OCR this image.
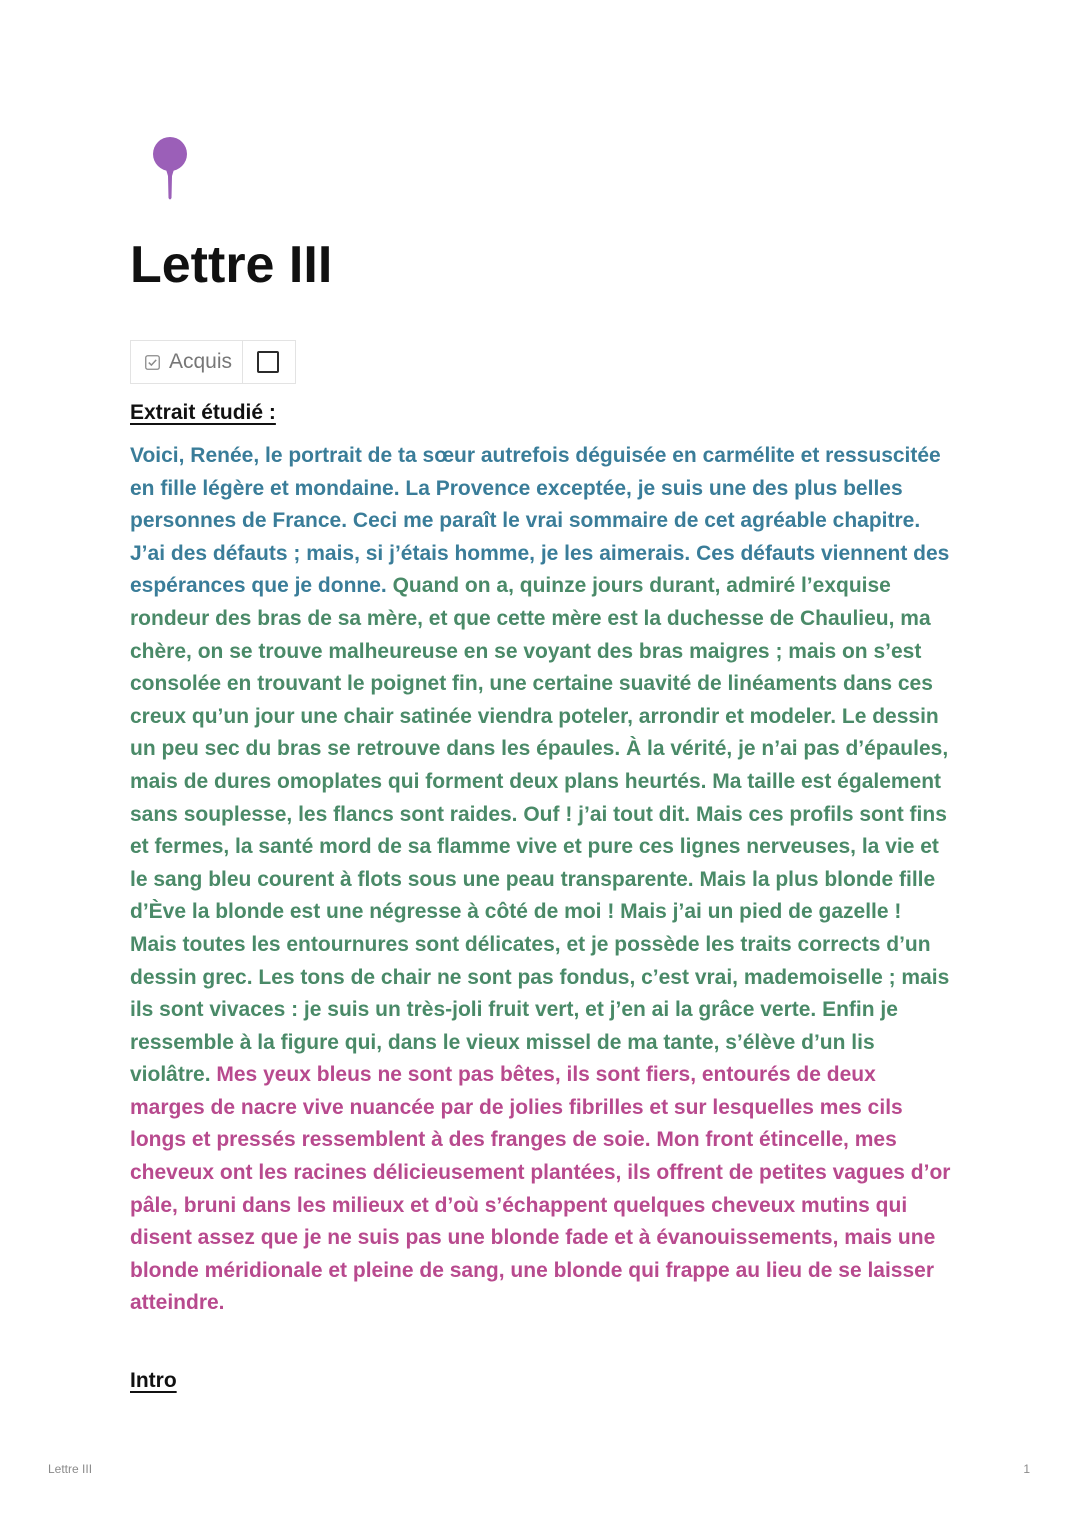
Lettre III
Acquis
Extrait étudié :

Voici, Renée, le portrait de ta sœur autrefois déguisée en carmélite et ressuscitée en fille légère et mondaine. La Provence exceptée, je suis une des plus belles personnes de France. Ceci me paraît le vrai sommaire de cet agréable chapitre. J’ai des défauts ; mais, si j’étais homme, je les aimerais. Ces défauts viennent des espérances que je donne. Quand on a, quinze jours durant, admiré l’exquise rondeur des bras de sa mère, et que cette mère est la duchesse de Chaulieu, ma chère, on se trouve malheureuse en se voyant des bras maigres ; mais on s’est consolée en trouvant le poignet fin, une certaine suavité de linéaments dans ces creux qu’un jour une chair satinée viendra poteler, arrondir et modeler. Le dessin un peu sec du bras se retrouve dans les épaules. À la vérité, je n’ai pas d’épaules, mais de dures omoplates qui forment deux plans heurtés. Ma taille est également sans souplesse, les flancs sont raides. Ouf ! j’ai tout dit. Mais ces profils sont fins et fermes, la santé mord de sa flamme vive et pure ces lignes nerveuses, la vie et le sang bleu courent à flots sous une peau transparente. Mais la plus blonde fille d’Ève la blonde est une négresse à côté de moi ! Mais j’ai un pied de gazelle ! Mais toutes les entournures sont délicates, et je possède les traits corrects d’un dessin grec. Les tons de chair ne sont pas fondus, c’est vrai, mademoiselle ; mais ils sont vivaces : je suis un très-joli fruit vert, et j’en ai la grâce verte. Enfin je ressemble à la figure qui, dans le vieux missel de ma tante, s’élève d’un lis violâtre. Mes yeux bleus ne sont pas bêtes, ils sont fiers, entourés de deux marges de nacre vive nuancée par de jolies fibrilles et sur lesquelles mes cils longs et pressés ressemblent à des franges de soie. Mon front étincelle, mes cheveux ont les racines délicieusement plantées, ils offrent de petites vagues d’or pâle, bruni dans les milieux et d’où s’échappent quelques cheveux mutins qui disent assez que je ne suis pas une blonde fade et à évanouissements, mais une blonde méridionale et pleine de sang, une blonde qui frappe au lieu de se laisser atteindre.

Intro
Lettre III	1
